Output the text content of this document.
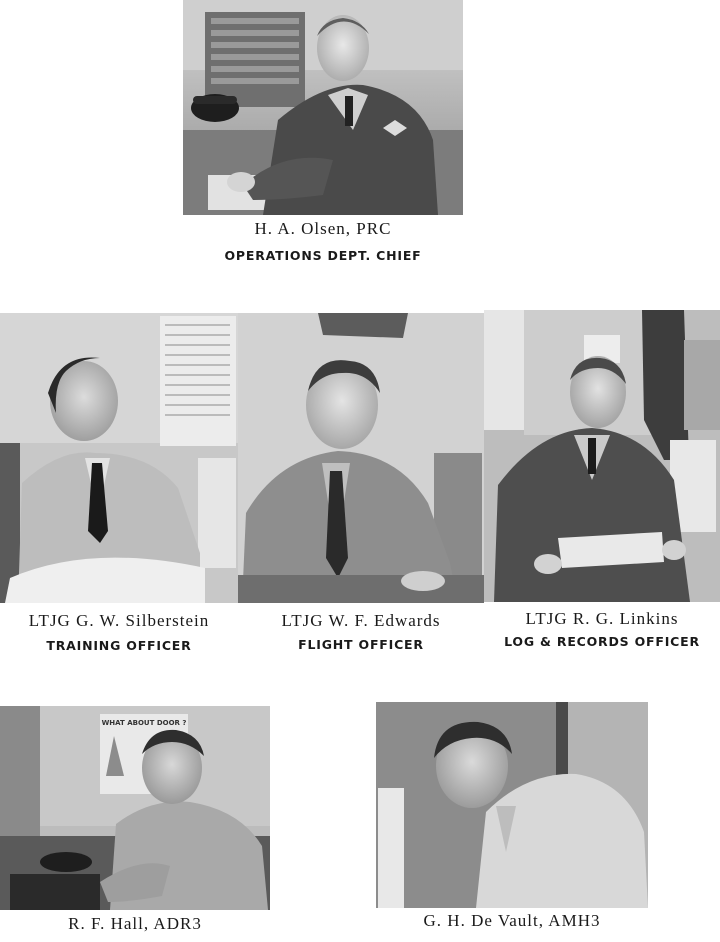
H. A. Olsen, PRC
OPERATIONS DEPT. CHIEF
LTJG G. W. Silberstein
TRAINING OFFICER
LTJG W. F. Edwards
FLIGHT OFFICER
LTJG R. G. Linkins
LOG & RECORDS OFFICER
WHAT ABOUT DOOR ?
R. F. Hall, ADR3	G. H. De Vault, AMH3
